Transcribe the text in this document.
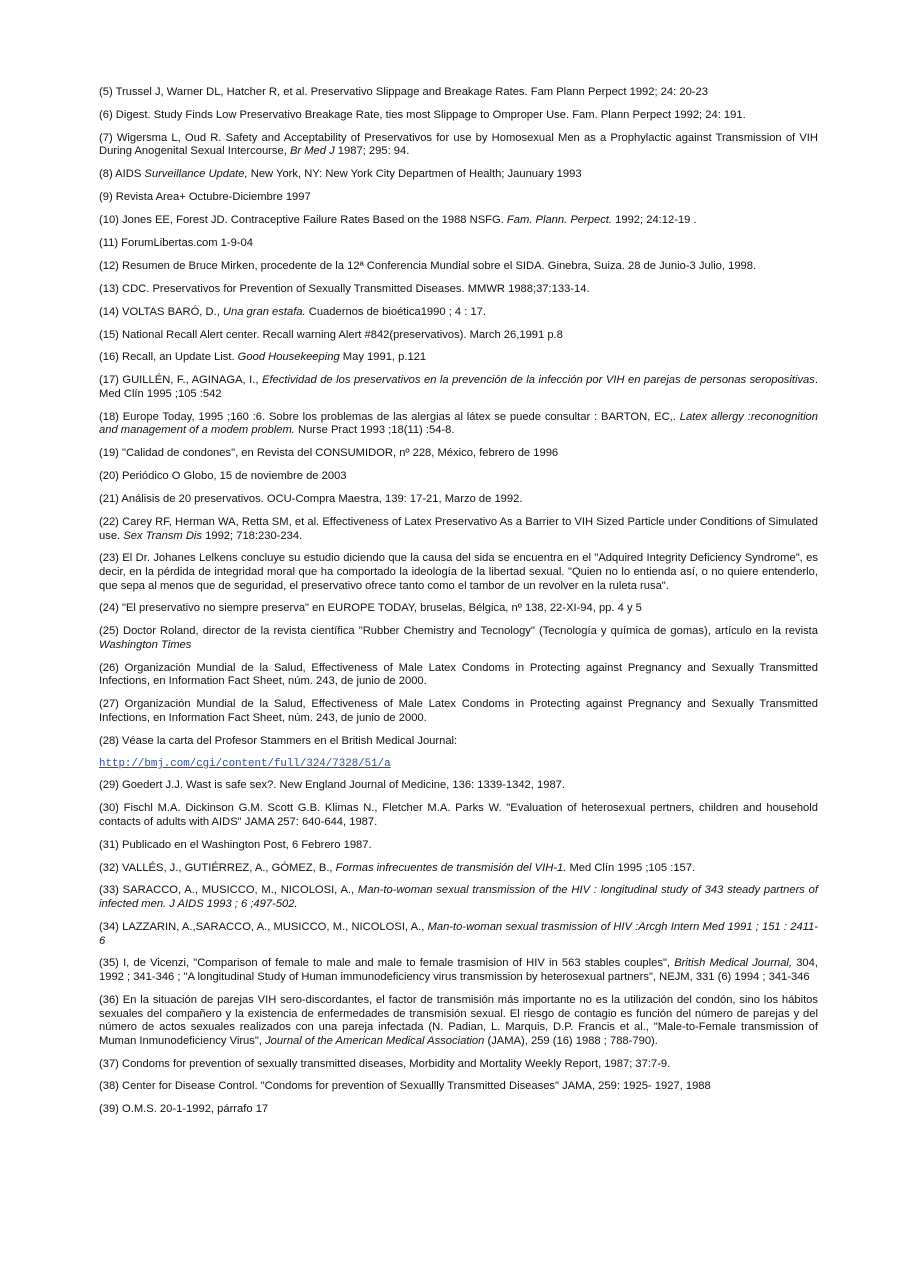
(5) Trussel J, Warner DL, Hatcher R, et al. Preservativo Slippage and Breakage Rates. Fam Plann Perpect 1992; 24: 20-23

(6) Digest. Study Finds Low Preservativo Breakage Rate, ties most Slippage to Omproper Use. Fam. Plann Perpect 1992; 24: 191.

(7) Wigersma L, Oud R. Safety and Acceptability of Preservativos for use by Homosexual Men as a Prophylactic against Transmission of VIH During Anogenital Sexual Intercourse, Br Med J 1987; 295: 94.

(8) AIDS Surveillance Update, New York, NY: New York City Departmen of Health; Jaunuary 1993

(9) Revista Area+ Octubre-Diciembre 1997

(10) Jones EE, Forest JD. Contraceptive Failure Rates Based on the 1988 NSFG. Fam. Plann. Perpect. 1992; 24:12-19 .

(11) ForumLibertas.com 1-9-04

(12) Resumen de Bruce Mirken, procedente de la 12ª Conferencia Mundial sobre el SIDA. Ginebra, Suiza. 28 de Junio-3 Julio, 1998.

(13) CDC. Preservativos for Prevention of Sexually Transmitted Diseases. MMWR 1988;37:133-14.

(14) VOLTAS BARÓ, D., Una gran estafa. Cuadernos de bioética1990 ; 4 : 17.

(15) National Recall Alert center. Recall warning Alert #842(preservativos). March 26,1991 p.8

(16) Recall, an Update List. Good Housekeeping May 1991, p.121

(17) GUILLÉN, F., AGINAGA, I., Efectividad de los preservativos en la prevención de la infección por VIH en parejas de personas seropositivas. Med Clín 1995 ;105 :542

(18) Europe Today, 1995 ;160 :6. Sobre los problemas de las alergias al látex se puede consultar : BARTON, EC,. Latex allergy :reconognition and management of a modem problem. Nurse Pract 1993 ;18(11) :54-8.

(19) "Calidad de condones", en Revista del CONSUMIDOR, nº 228, México, febrero de 1996

(20) Periódico O Globo, 15 de noviembre de 2003

(21) Análisis de 20 preservativos. OCU-Compra Maestra, 139: 17-21, Marzo de 1992.

(22) Carey RF, Herman WA, Retta SM, et al. Effectiveness of Latex Preservativo As a Barrier to VIH Sized Particle under Conditions of Simulated use. Sex Transm Dis 1992; 718:230-234.

(23) El Dr. Johanes Lelkens concluye su estudio diciendo que la causa del sida se encuentra en el "Adquired Integrity Deficiency Syndrome", es decir, en la pérdida de integridad moral que ha comportado la ideología de la libertad sexual. "Quien no lo entienda así, o no quiere entenderlo, que sepa al menos que de seguridad, el preservativo ofrece tanto como el tambor de un revolver en la ruleta rusa".

(24) "El preservativo no siempre preserva" en EUROPE TODAY, bruselas, Bélgica, nº 138, 22-XI-94, pp. 4 y 5

(25) Doctor Roland, director de la revista científica "Rubber Chemistry and Tecnology" (Tecnología y química de gomas), artículo en la revista Washington Times

(26) Organización Mundial de la Salud, Effectiveness of Male Latex Condoms in Protecting against Pregnancy and Sexually Transmitted Infections, en Information Fact Sheet, núm. 243, de junio de 2000.

(27) Organización Mundial de la Salud, Effectiveness of Male Latex Condoms in Protecting against Pregnancy and Sexually Transmitted Infections, en Information Fact Sheet, núm. 243, de junio de 2000.

(28) Véase la carta del Profesor Stammers en el British Medical Journal:

http://bmj.com/cgi/content/full/324/7328/51/a

(29) Goedert J.J. Wast is safe sex?. New England Journal of Medicine, 136: 1339-1342, 1987.

(30) Fischl M.A. Dickinson G.M. Scott G.B. Klimas N., Fletcher M.A. Parks W. "Evaluation of heterosexual pertners, children and household contacts of adults with AIDS" JAMA 257: 640-644, 1987.

(31) Publicado en el Washington Post, 6 Febrero 1987.

(32) VALLÉS, J., GUTIÉRREZ, A., GÓMEZ, B., Formas infrecuentes de transmisión del VIH-1. Med Clín 1995 ;105 :157.

(33) SARACCO, A., MUSICCO, M., NICOLOSI, A., Man-to-woman sexual transmission of the HIV : longitudinal study of 343 steady partners of infected men. J AIDS 1993 ; 6 ;497-502.

(34) LAZZARIN, A.,SARACCO, A., MUSICCO, M., NICOLOSI, A., Man-to-woman sexual trasmission of HIV :Arcgh Intern Med 1991 ; 151 : 2411-6

(35) I, de Vicenzi, "Comparison of female to male and male to female trasmision of HIV in 563 stables couples", British Medical Journal, 304, 1992 ; 341-346 ; "A longitudinal Study of Human immunodeficiency virus transmission by heterosexual partners", NEJM, 331 (6) 1994 ; 341-346

(36) En la situación de parejas VIH sero-discordantes, el factor de transmisión más importante no es la utilización del condón, sino los hábitos sexuales del compañero y la existencia de enfermedades de transmisión sexual. El riesgo de contagio es función del número de parejas y del número de actos sexuales realizados con una pareja infectada (N. Padian, L. Marquis, D.P. Francis et al., "Male-to-Female transmission of Muman Inmunodeficiency Virus", Journal of the American Medical Association (JAMA), 259 (16) 1988 ; 788-790).

(37) Condoms for prevention of sexually transmitted diseases, Morbidity and Mortality Weekly Report, 1987; 37:7-9.

(38) Center for Disease Control. "Condoms for prevention of Sexuallly Transmitted Diseases" JAMA, 259: 1925- 1927, 1988

(39) O.M.S. 20-1-1992, párrafo 17
